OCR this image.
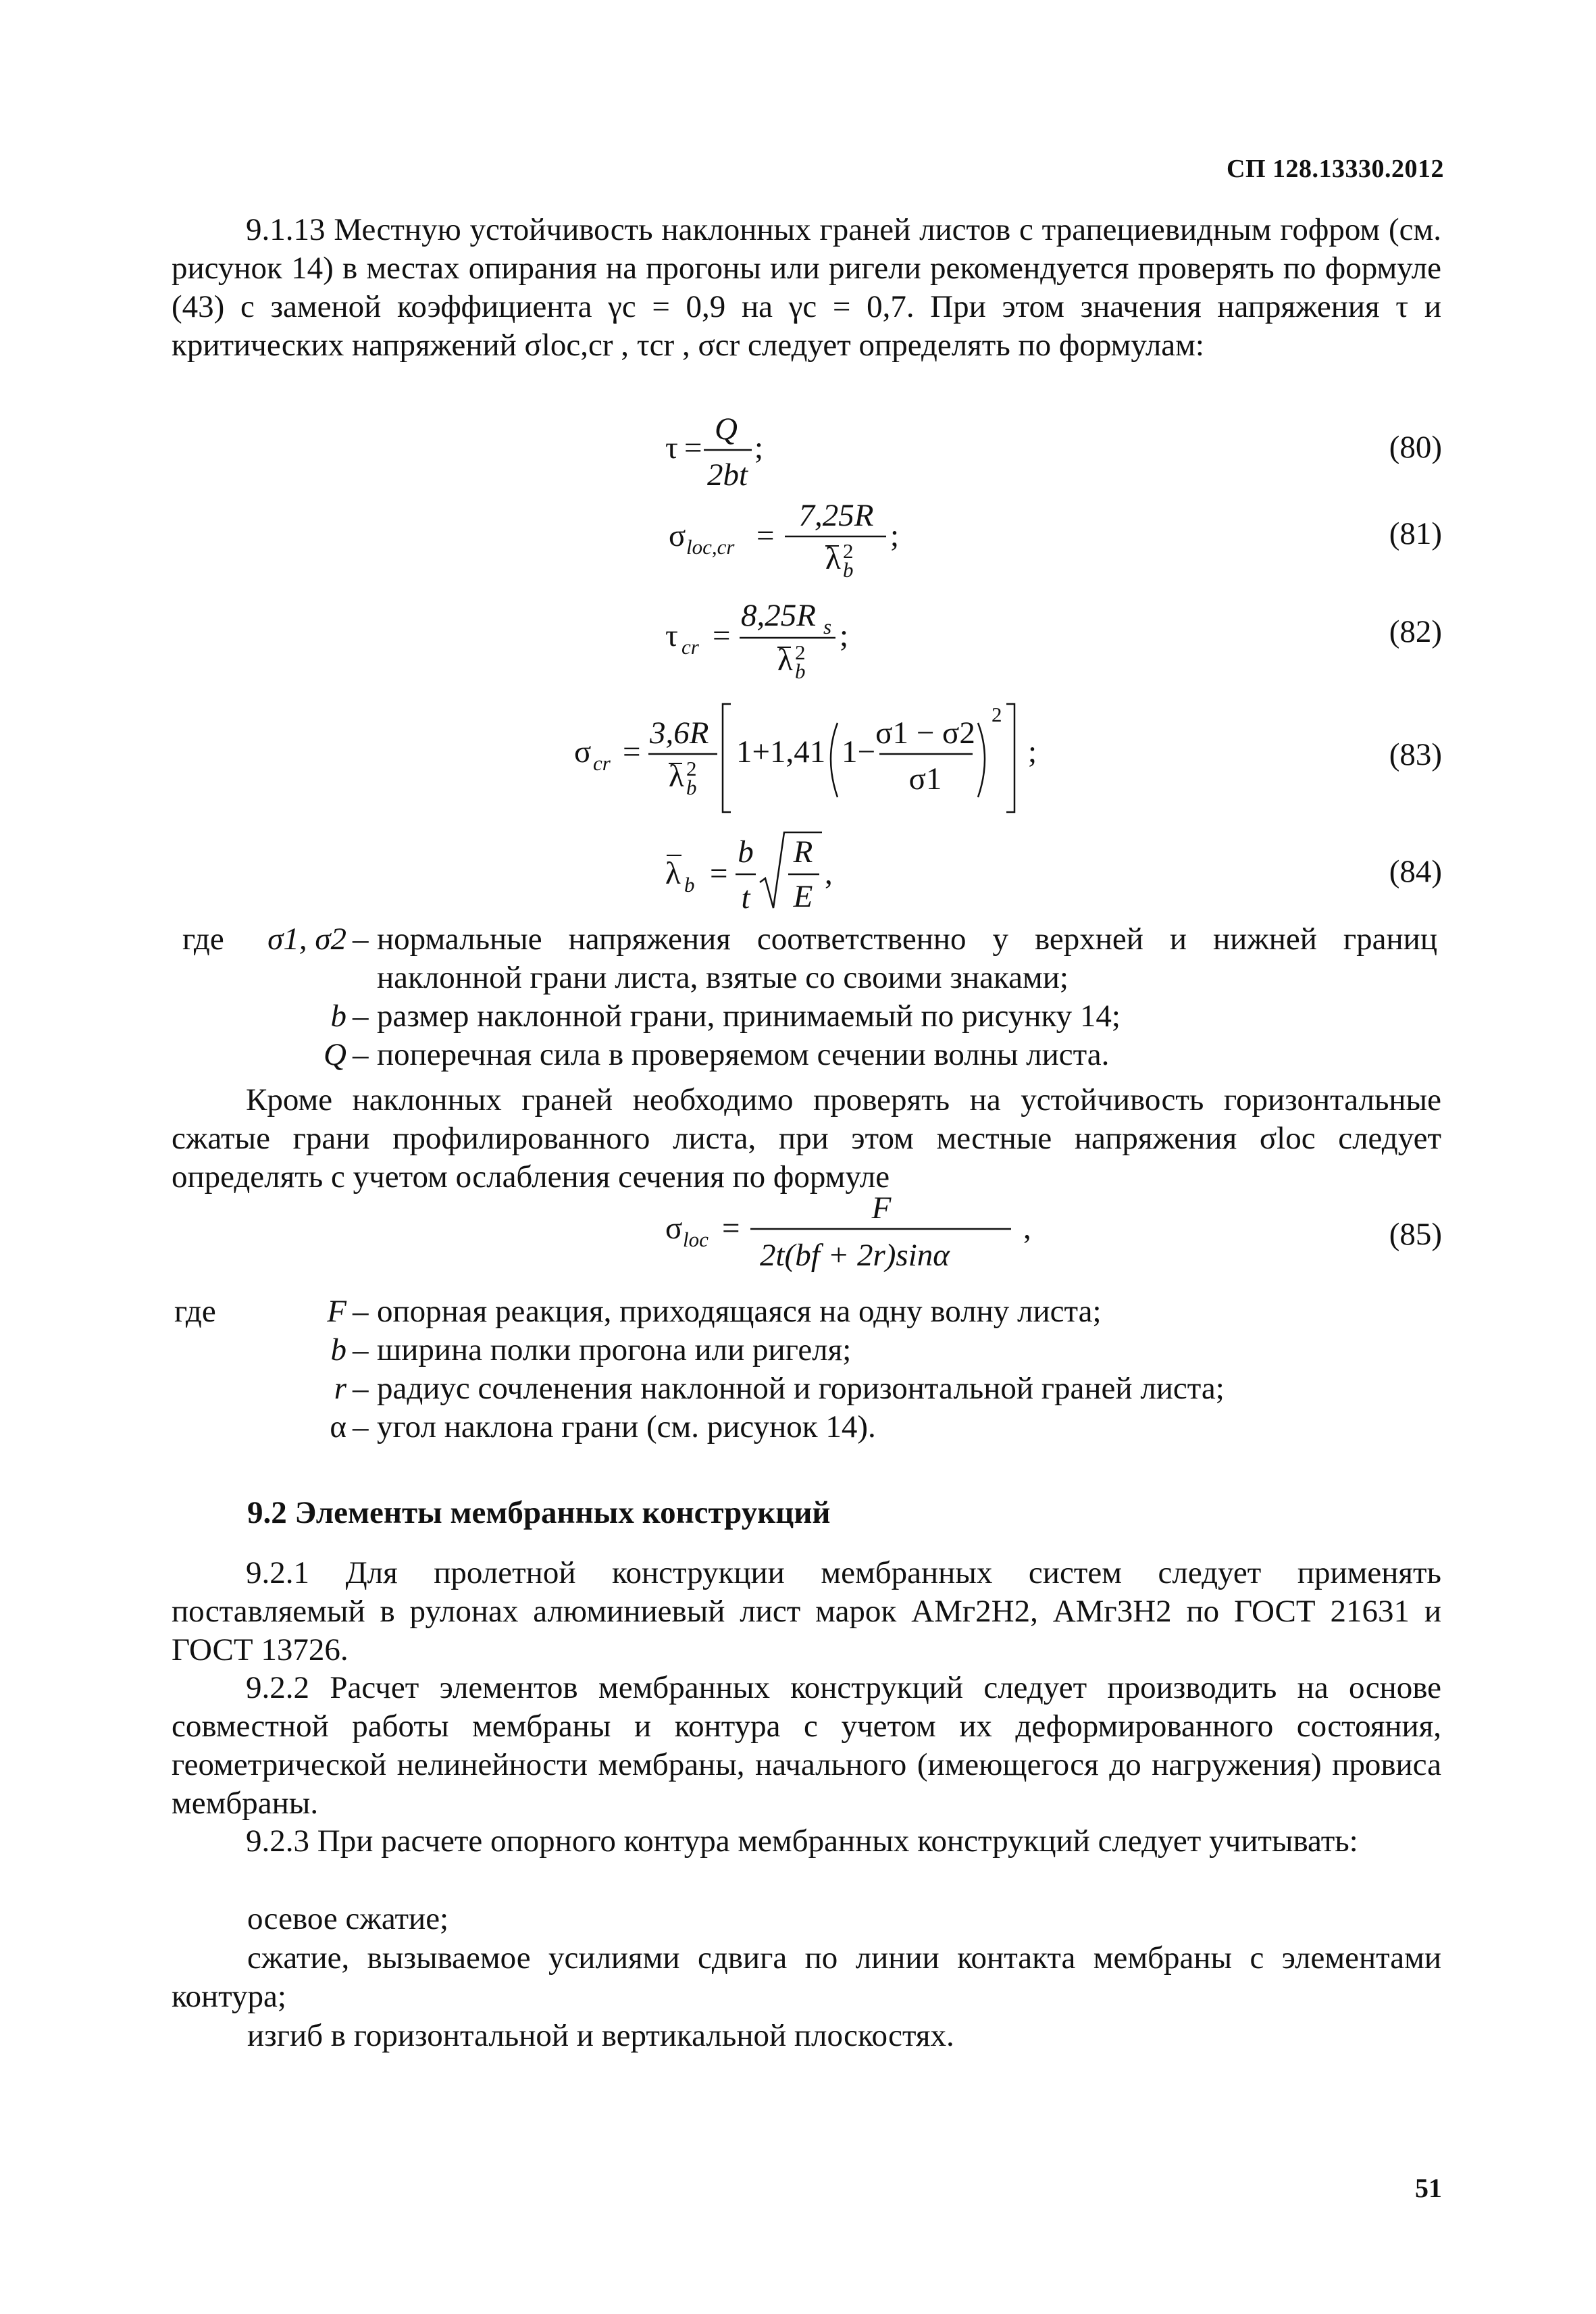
СП 128.13330.2012
9.1.13 Местную устойчивость наклонных граней листов с трапециевидным гофром (см. рисунок 14) в местах опирания на прогоны или ригели рекомендуется проверять по формуле (43) с заменой коэффициента γc = 0,9 на γc = 0,7. При этом значения напряжения τ и критических напряжений σloc,cr , τcr , σcr следует определять по формулам:
τ =
Q
2bt
;	(80)
σ loc,cr =
7,25R
λ 2
b
;	(81)
τ cr =
8,25R s
λ 2
b
;	(82)
σ cr =
3,6R
λ 2
b
1+1,41 1−
σ1 − σ2
σ1
2
;	(83)
λ b =
b
t
R
E
,	(84)
где σ1, σ2 – нормальные напряжения соответственно у верхней и нижней границ
наклонной грани листа, взятые со своими знаками;
b – размер наклонной грани, принимаемый по рисунку 14;
Q – поперечная сила в проверяемом сечении волны листа.
Кроме наклонных граней необходимо проверять на устойчивость горизонтальные сжатые грани профилированного листа, при этом местные напряжения σloc следует определять с учетом ослабления сечения по формуле
σ loc =
F
2t(bf + 2r)sinα
,	(85)
где	F – опорная реакция, приходящаяся на одну волну листа;
b – ширина полки прогона или ригеля;
r – радиус сочленения наклонной и горизонтальной граней листа;
α – угол наклона грани (см. рисунок 14).
9.2 Элементы мембранных конструкций
9.2.1 Для пролетной конструкции мембранных систем следует применять поставляемый в рулонах алюминиевый лист марок АМг2Н2, АМг3Н2 по ГОСТ 21631 и ГОСТ 13726.
9.2.2 Расчет элементов мембранных конструкций следует производить на основе совместной работы мембраны и контура с учетом их деформированного состояния, геометрической нелинейности мембраны, начального (имеющегося до нагружения) провиса мембраны.
9.2.3 При расчете опорного контура мембранных конструкций следует учитывать:
осевое сжатие;
сжатие, вызываемое усилиями сдвига по линии контакта мембраны с элементами контура;
изгиб в горизонтальной и вертикальной плоскостях.
51
